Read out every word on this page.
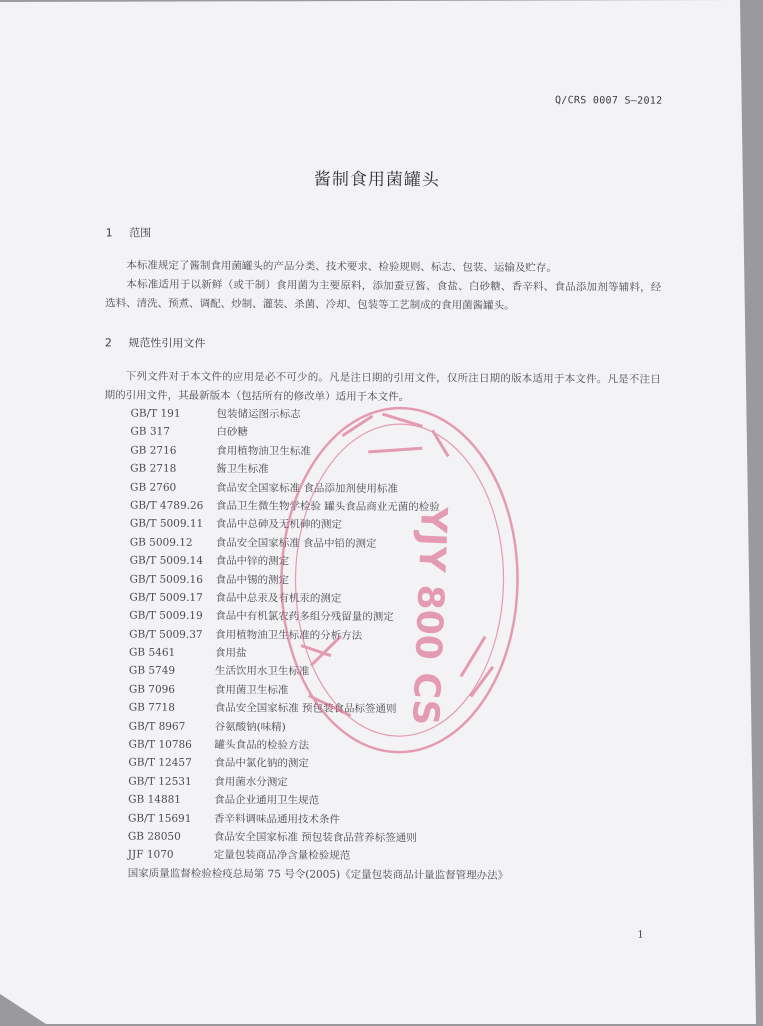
Q/CRS 0007 S—2012
酱制食用菌罐头
1 范围

本标准规定了酱制食用菌罐头的产品分类、技术要求、检验规则、标志、包装、运输及贮存。

本标准适用于以新鲜（或干制）食用菌为主要原料，添加蚕豆酱、食盐、白砂糖、香辛料、食品添加剂等辅料，经选料、清洗、预煮、调配、炒制、灌装、杀菌、冷却、包装等工艺制成的食用菌酱罐头。

2 规范性引用文件

下列文件对于本文件的应用是必不可少的。凡是注日期的引用文件，仅所注日期的版本适用于本文件。凡是不注日期的引用文件，其最新版本（包括所有的修改单）适用于本文件。

GB/T 191	包装储运图示标志
GB 317	白砂糖
GB 2716	食用植物油卫生标准
GB 2718	酱卫生标准
GB 2760	食品安全国家标准 食品添加剂使用标准
GB/T 4789.26 食品卫生微生物学检验 罐头食品商业无菌的检验
GB/T 5009.11 食品中总砷及无机砷的测定
GB 5009.12 食品安全国家标准 食品中铅的测定
GB/T 5009.14 食品中锌的测定
GB/T 5009.16 食品中锡的测定
GB/T 5009.17 食品中总汞及有机汞的测定
GB/T 5009.19 食品中有机氯农药多组分残留量的测定
GB/T 5009.37 食用植物油卫生标准的分析方法
GB 5461	食用盐
GB 5749	生活饮用水卫生标准
GB 7096	食用菌卫生标准
GB 7718	食品安全国家标准 预包装食品标签通则
GB/T 8967	谷氨酸钠(味精)
GB/T 10786 罐头食品的检验方法
GB/T 12457 食品中氯化钠的测定
GB/T 12531 食用菌水分测定
GB 14881	食品企业通用卫生规范
GB/T 15691 香辛料调味品通用技术条件
GB 28050	食品安全国家标准 预包装食品营养标签通则
JJF 1070	定量包装商品净含量检验规范
国家质量监督检验检疫总局第 75 号令(2005)《定量包装商品计量监督管理办法》
1
YJY 800 CS
